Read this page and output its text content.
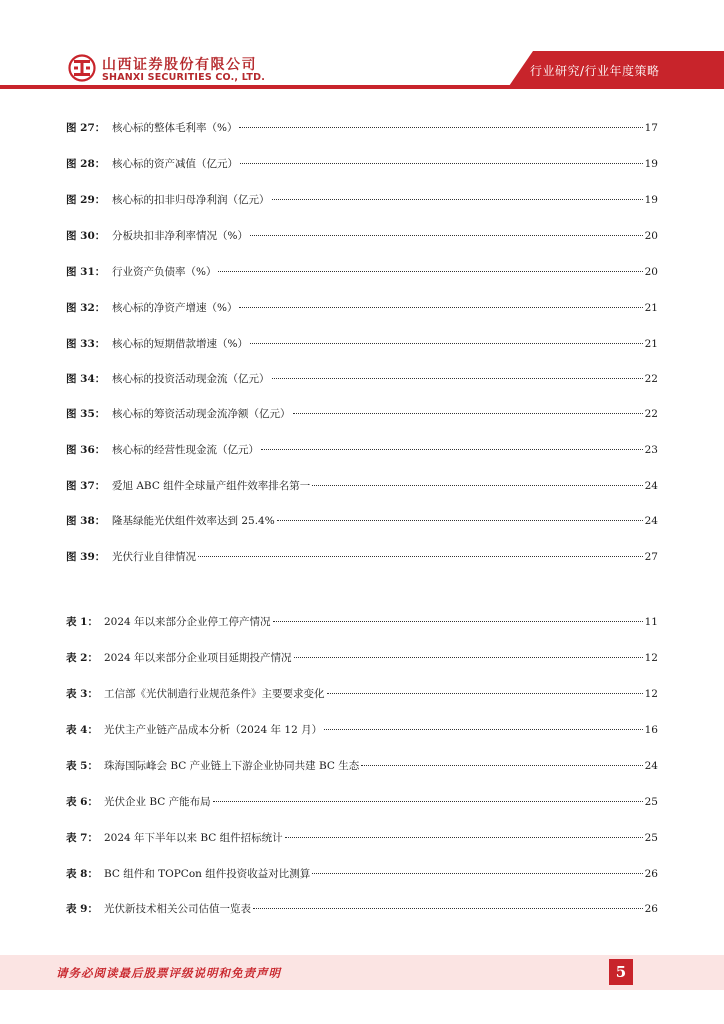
山西证券股份有限公司
SHANXI SECURITIES CO., LTD.	行业研究/行业年度策略
图 27： 核心标的整体毛利率（%）	17
图 28： 核心标的资产减值（亿元）	19
图 29： 核心标的扣非归母净利润（亿元）	19
图 30： 分板块扣非净利率情况（%）	20
图 31： 行业资产负债率（%）	20
图 32： 核心标的净资产增速（%）	21
图 33： 核心标的短期借款增速（%）	21
图 34： 核心标的投资活动现金流（亿元）	22
图 35： 核心标的筹资活动现金流净额（亿元）	22
图 36： 核心标的经营性现金流（亿元）	23
图 37： 爱旭 ABC 组件全球量产组件效率排名第一	24
图 38： 隆基绿能光伏组件效率达到 25.4%	24
图 39： 光伏行业自律情况	27
表 1： 2024 年以来部分企业停工停产情况	11
表 2： 2024 年以来部分企业项目延期投产情况	12
表 3： 工信部《光伏制造行业规范条件》主要要求变化	12
表 4： 光伏主产业链产品成本分析（2024 年 12 月）	16
表 5： 珠海国际峰会 BC 产业链上下游企业协同共建 BC 生态	24
表 6： 光伏企业 BC 产能布局	25
表 7： 2024 年下半年以来 BC 组件招标统计	25
表 8： BC 组件和 TOPCon 组件投资收益对比测算	26
表 9： 光伏新技术相关公司估值一览表	26
请务必阅读最后股票评级说明和免责声明	5
